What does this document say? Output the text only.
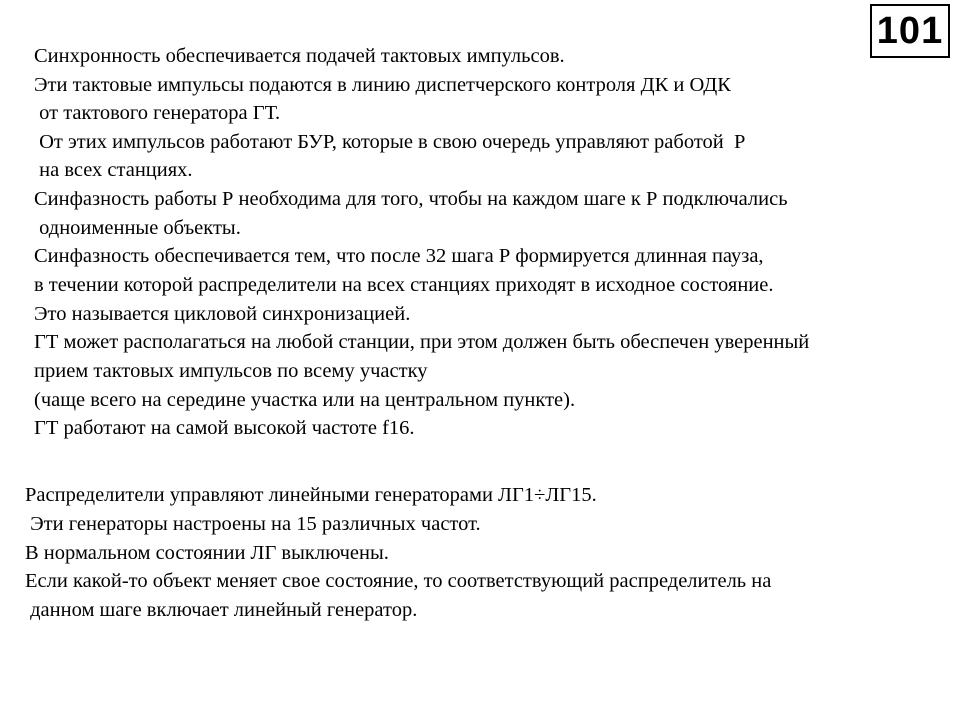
101
Синхронность обеспечивается подачей тактовых импульсов.
Эти тактовые импульсы подаются в линию диспетчерского контроля ДК и ОДК
от тактового генератора ГТ.
От этих импульсов работают БУР, которые в свою очередь управляют работой  Р
на всех станциях.
Синфазность работы Р необходима для того, чтобы на каждом шаге к Р подключались
одноименные объекты.
Синфазность обеспечивается тем, что после 32 шага Р формируется длинная пауза,
в течении которой распределители на всех станциях приходят в исходное состояние.
Это называется цикловой синхронизацией.
ГТ может располагаться на любой станции, при этом должен быть обеспечен уверенный
прием тактовых импульсов по всему участку
(чаще всего на середине участка или на центральном пункте).
ГТ работают на самой высокой частоте f16.
Распределители управляют линейными генераторами ЛГ1÷ЛГ15.
Эти генераторы настроены на 15 различных частот.
В нормальном состоянии ЛГ выключены.
Если какой-то объект меняет свое состояние, то соответствующий распределитель на
данном шаге включает линейный генератор.
